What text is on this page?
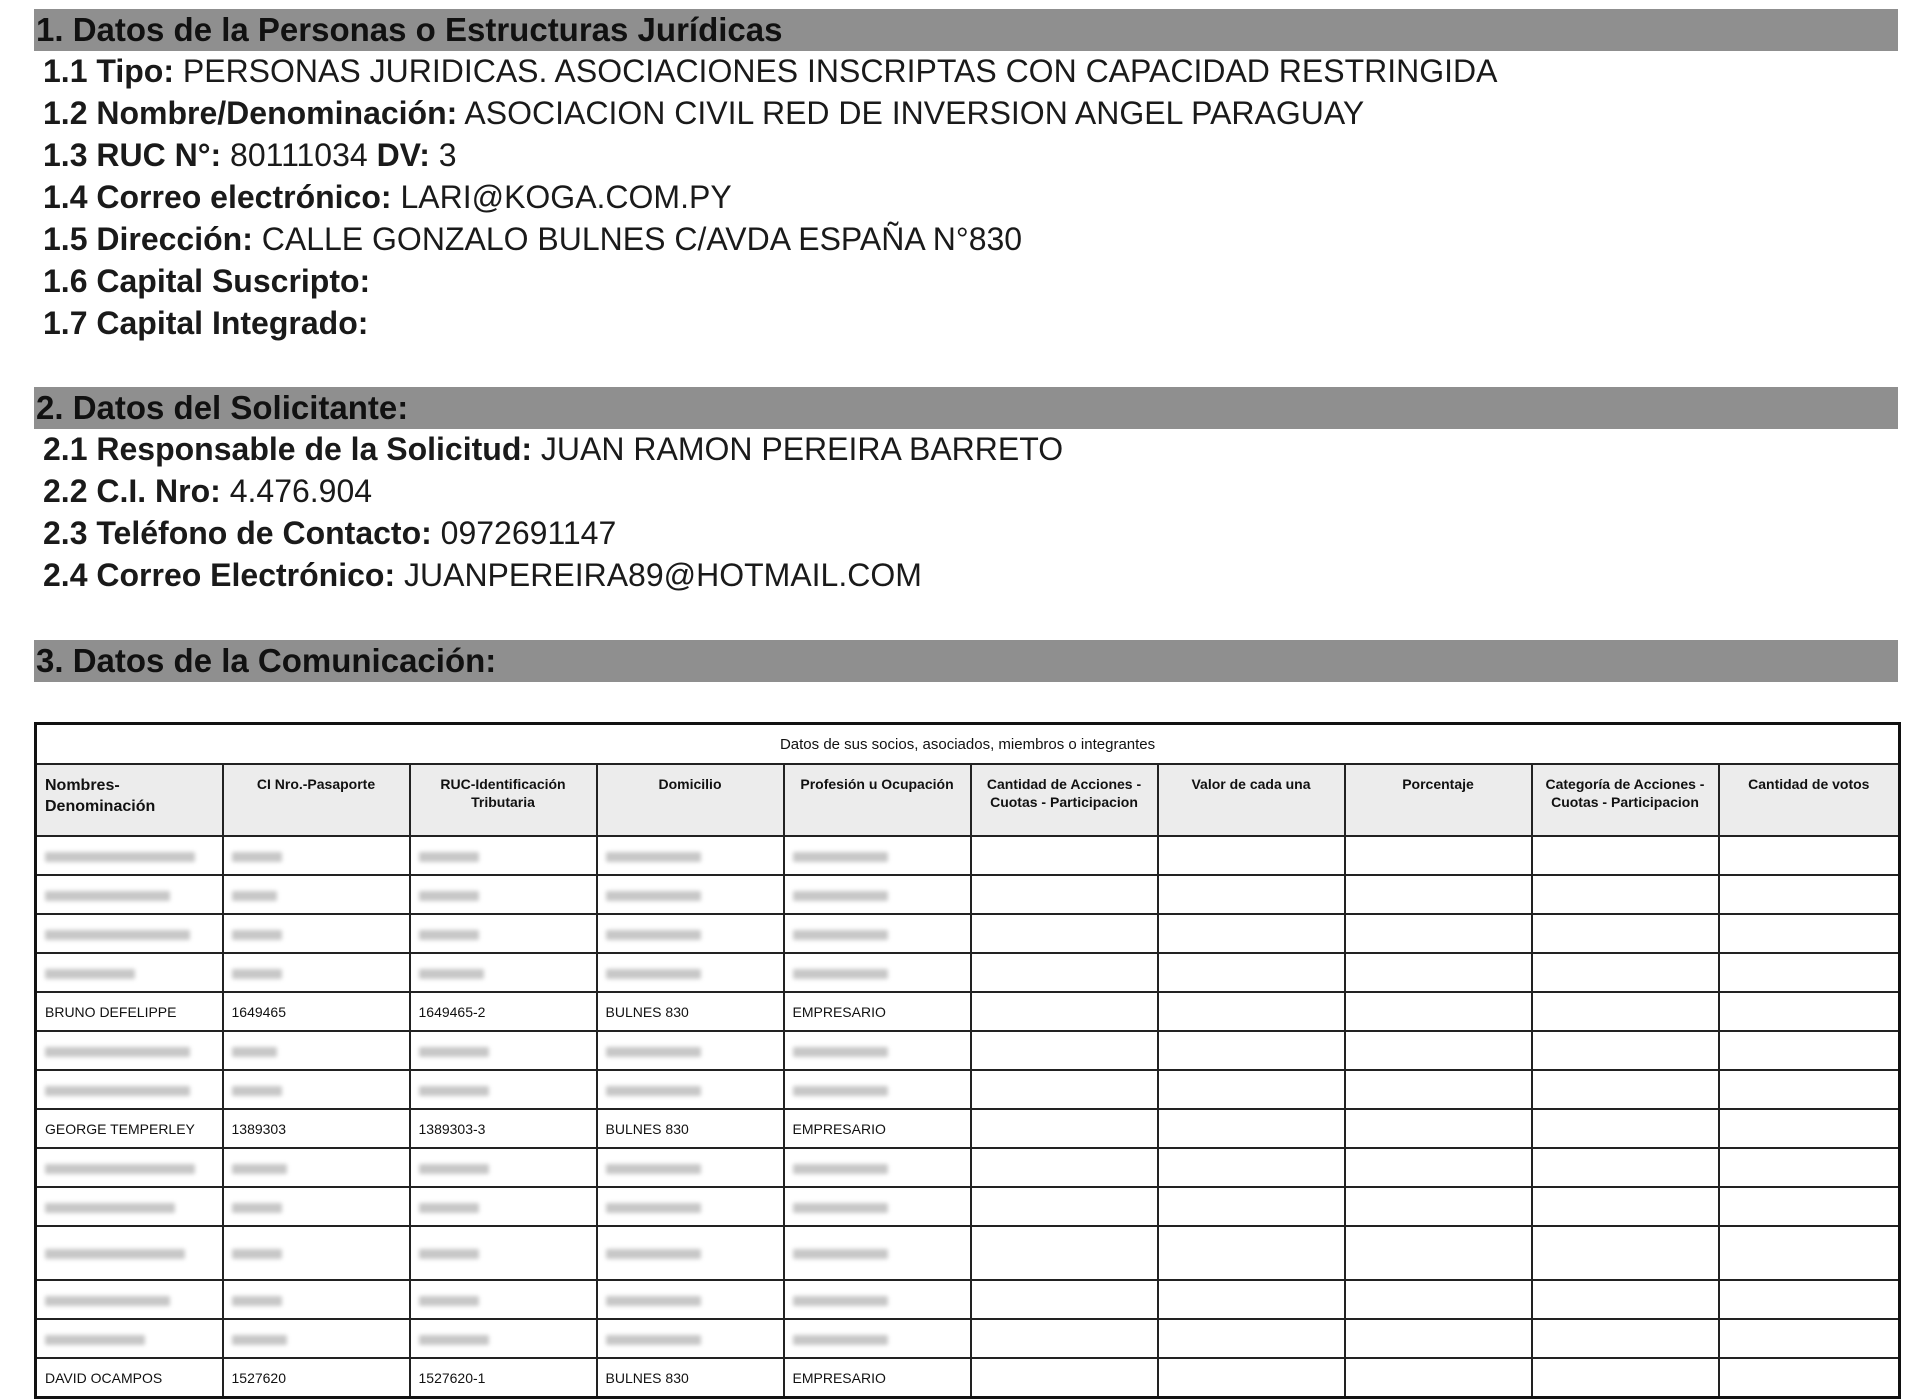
1. Datos de la Personas o Estructuras Jurídicas
1.1 Tipo: PERSONAS JURIDICAS. ASOCIACIONES INSCRIPTAS CON CAPACIDAD RESTRINGIDA
1.2 Nombre/Denominación: ASOCIACION CIVIL RED DE INVERSION ANGEL PARAGUAY
1.3 RUC N°: 80111034 DV: 3
1.4 Correo electrónico: LARI@KOGA.COM.PY
1.5 Dirección: CALLE GONZALO BULNES C/AVDA ESPAÑA N°830
1.6 Capital Suscripto:
1.7 Capital Integrado:
2. Datos del Solicitante:
2.1 Responsable de la Solicitud: JUAN RAMON PEREIRA BARRETO
2.2 C.I. Nro: 4.476.904
2.3 Teléfono de Contacto: 0972691147
2.4 Correo Electrónico: JUANPEREIRA89@HOTMAIL.COM
3. Datos de la Comunicación:
Datos de sus socios, asociados, miembros o integrantes									
Nombres-Denominación	CI Nro.-Pasaporte	RUC-Identificación Tributaria	Domicilio	Profesión u Ocupación	Cantidad de Acciones - Cuotas - Participacion	Valor de cada una	Porcentaje	Categoría de Acciones - Cuotas - Participacion	Cantidad de votos

BRUNO DEFELIPPE	1649465	1649465-2	BULNES 830	EMPRESARIO					

GEORGE TEMPERLEY	1389303	1389303-3	BULNES 830	EMPRESARIO					

DAVID OCAMPOS	1527620	1527620-1	BULNES 830	EMPRESARIO					
